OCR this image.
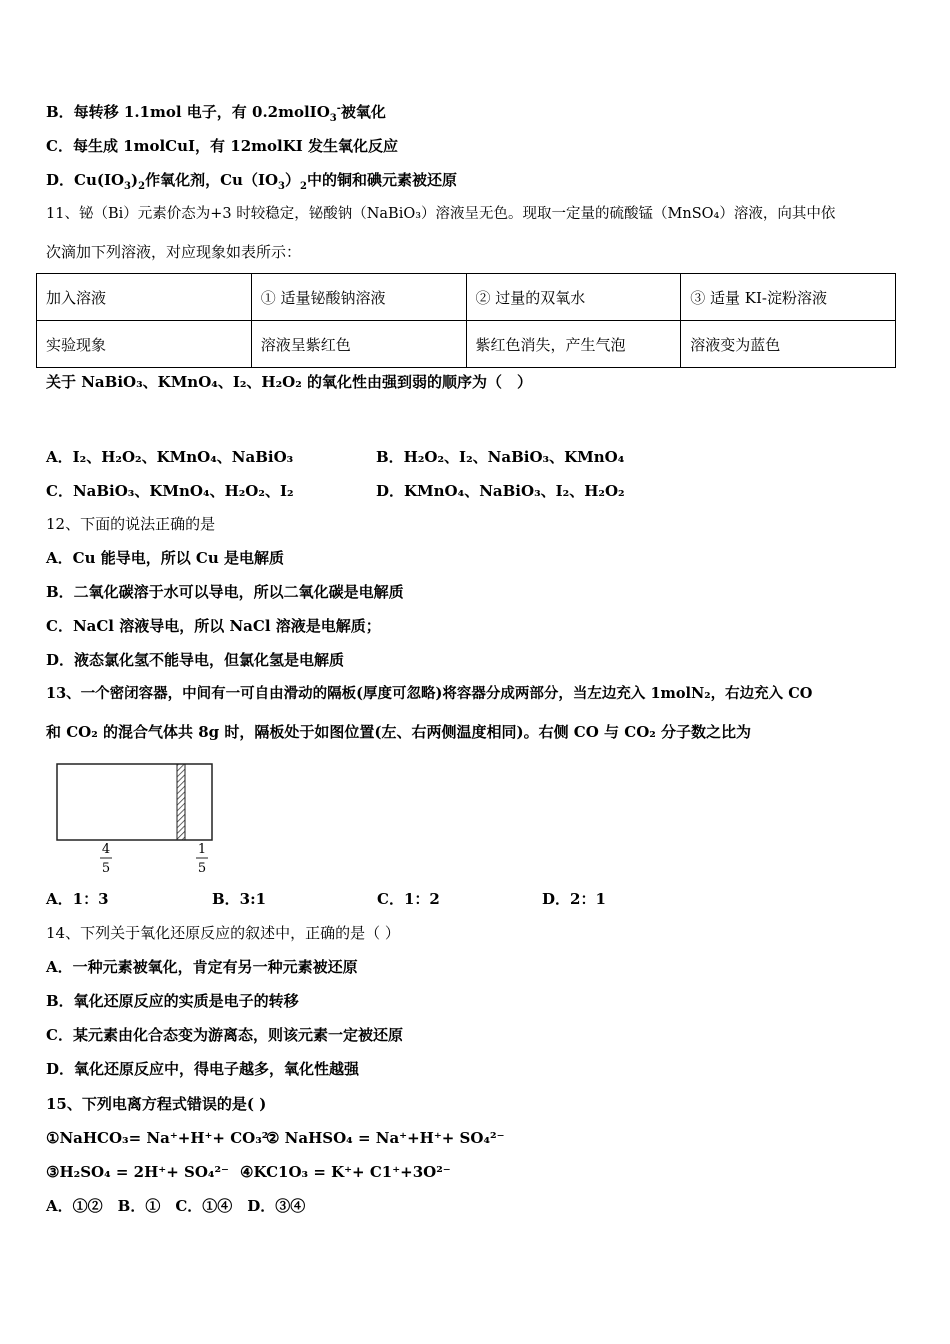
B．每转移 1.1mol 电子，有 0.2molIO$_3$-被氧化
C．每生成 1molCuI，有 12molKI 发生氧化反应
D．$Cu(IO_3)_2$作氧化剂，$Cu(IO_3)_2$中的铜和碘元素被还原
11、铋（Bi）元素价态为+3 时较稳定，铋酸钠（NaBiO₃）溶液呈无色。现取一定量的硫酸锰（MnSO₄）溶液，向其中依
次滴加下列溶液，对应现象如表所示：
加入溶液	① 适量铋酸钠溶液	② 过量的双氧水	③ 适量 KI-淀粉溶液
实验现象	溶液呈紫红色	紫红色消失，产生气泡	溶液变为蓝色
关于 NaBiO₃、KMnO₄、I₂、H₂O₂ 的氧化性由强到弱的顺序为（　）
A．I₂、H₂O₂、KMnO₄、NaBiO₃	B．H₂O₂、I₂、NaBiO₃、KMnO₄
C．NaBiO₃、KMnO₄、H₂O₂、I₂	D．KMnO₄、NaBiO₃、I₂、H₂O₂
12、下面的说法正确的是
A．Cu 能导电，所以 Cu 是电解质
B．二氧化碳溶于水可以导电，所以二氧化碳是电解质
C．NaCl 溶液导电，所以 NaCl 溶液是电解质；
D．液态氯化氢不能导电，但氯化氢是电解质
13、一个密闭容器，中间有一可自由滑动的隔板(厚度可忽略)将容器分成两部分，当左边充入 1molN₂，右边充入 CO
和 CO₂ 的混合气体共 8g 时，隔板处于如图位置(左、右两侧温度相同)。右侧 CO 与 CO₂ 分子数之比为
4
5
1
5
A．1：3	B．3:1	C．1：2	D．2：1
14、下列关于氧化还原反应的叙述中，正确的是（ ）
A．一种元素被氧化，肯定有另一种元素被还原
B．氧化还原反应的实质是电子的转移
C．某元素由化合态变为游离态，则该元素一定被还原
D．氧化还原反应中，得电子越多，氧化性越强
15、下列电离方程式错误的是( )
①NaHCO₃= Na⁺+H⁺+ CO₃²⁻
② NaHSO₄ = Na⁺+H⁺+ SO₄²⁻
③H₂SO₄ = 2H⁺+ SO₄²⁻ ④KC1O₃ = K⁺+ C1⁺+3O²⁻
A．①②　B．①　C．①④　D．③④
